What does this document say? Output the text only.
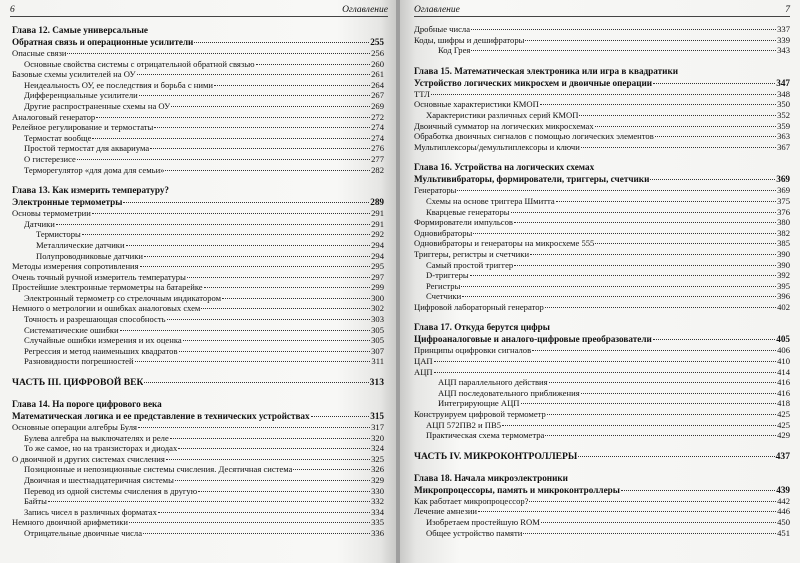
6	Оглавление
Глава 12. Самые универсальные
Обратная связь и операционные усилители	255
Опасные связи	256
Основные свойства системы с отрицательной обратной связью	260
Базовые схемы усилителей на ОУ	261
Неидеальность ОУ, ее последствия и борьба с ними	264
Дифференциальные усилители	267
Другие распространенные схемы на ОУ	269
Аналоговый генератор	272
Релейное регулирование и термостаты	274
Термостат вообще	274
Простой термостат для аквариума	276
О гистерезисе	277
Терморегулятор «для дома для семьи»	282
Глава 13. Как измерить температуру?
Электронные термометры	289
Основы термометрии	291
Датчики	291
Термисторы	292
Металлические датчики	294
Полупроводниковые датчики	294
Методы измерения сопротивления	295
Очень точный ручной измеритель температуры	297
Простейшие электронные термометры на батарейке	299
Электронный термометр со стрелочным индикатором	300
Немного о метрологии и ошибках аналоговых схем	302
Точность и разрешающая способность	303
Систематические ошибки	305
Случайные ошибки измерения и их оценка	305
Регрессия и метод наименьших квадратов	307
Разновидности погрешностей	311
ЧАСТЬ III. ЦИФРОВОЙ ВЕК	313
Глава 14. На пороге цифрового века
Математическая логика и ее представление в технических устройствах	315
Основные операции алгебры Буля	317
Булева алгебра на выключателях и реле	320
То же самое, но на транзисторах и диодах	324
О двоичной и других системах счисления	325
Позиционные и непозиционные системы счисления. Десятичная система	326
Двоичная и шестнадцатеричная системы	329
Перевод из одной системы счисления в другую	330
Байты	332
Запись чисел в различных форматах	334
Немного двоичной арифметики	335
Отрицательные двоичные числа	336
Оглавление	7
Дробные числа	337
Коды, шифры и дешифраторы	339
Код Грея	343
Глава 15. Математическая электроника или игра в квадратики
Устройство логических микросхем и двоичные операции	347
ТТЛ	348
Основные характеристики КМОП	350
Характеристики различных серий КМОП	352
Двоичный сумматор на логических микросхемах	359
Обработка двоичных сигналов с помощью логических элементов	363
Мультиплексоры/демультиплексоры и ключи	367
Глава 16. Устройства на логических схемах
Мультивибраторы, формирователи, триггеры, счетчики	369
Генераторы	369
Схемы на основе триггера Шмитта	375
Кварцевые генераторы	376
Формирователи импульсов	380
Одновибраторы	382
Одновибраторы и генераторы на микросхеме 555	385
Триггеры, регистры и счетчики	390
Самый простой триггер	390
D-триггеры	392
Регистры	395
Счетчики	396
Цифровой лабораторный генератор	402
Глава 17. Откуда берутся цифры
Цифроаналоговые и аналого-цифровые преобразователи	405
Принципы оцифровки сигналов	406
ЦАП	410
АЦП	414
АЦП параллельного действия	416
АЦП последовательного приближения	416
Интегрирующие АЦП	418
Конструируем цифровой термометр	425
АЦП 572ПВ2 и ПВ5	425
Практическая схема термометра	429
ЧАСТЬ IV. МИКРОКОНТРОЛЛЕРЫ	437
Глава 18. Начала микроэлектроники
Микропроцессоры, память и микроконтроллеры	439
Как работает микропроцессор?	442
Лечение амнезии	446
Изобретаем простейшую ROM	450
Общее устройство памяти	451
